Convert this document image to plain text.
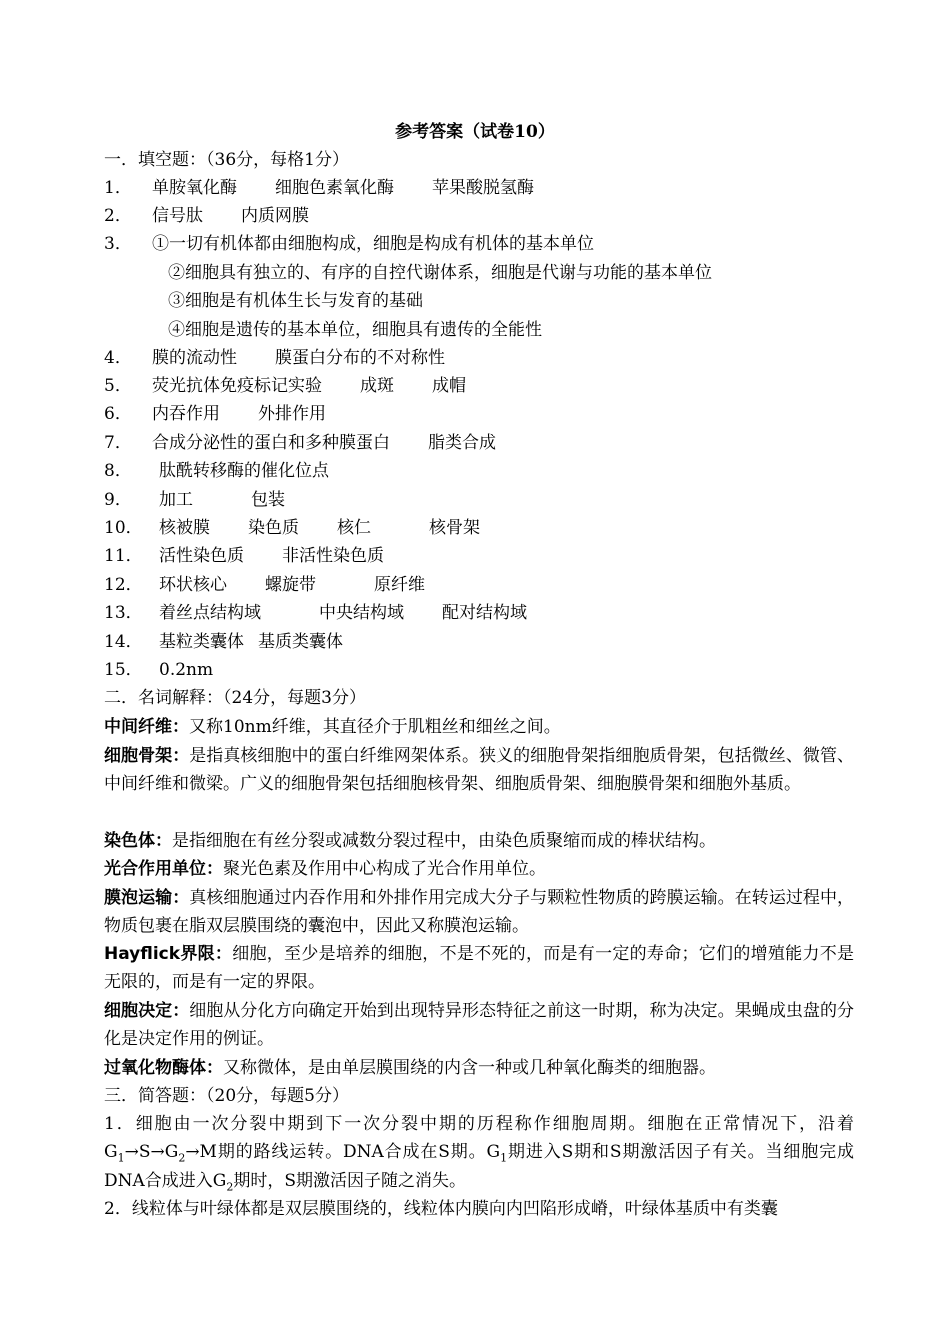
参考答案（试卷10）
一．填空题：（36分，每格1分）
1． 单胺氧化酶 细胞色素氧化酶 苹果酸脱氢酶
2． 信号肽 内质网膜
3． ①一切有机体都由细胞构成，细胞是构成有机体的基本单位
②细胞具有独立的、有序的自控代谢体系，细胞是代谢与功能的基本单位
③细胞是有机体生长与发育的基础
④细胞是遗传的基本单位，细胞具有遗传的全能性
4． 膜的流动性 膜蛋白分布的不对称性
5． 荧光抗体免疫标记实验 成斑 成帽
6． 内吞作用 外排作用
7． 合成分泌性的蛋白和多种膜蛋白 脂类合成
8． 肽酰转移酶的催化位点
9． 加工	包装
10． 核被膜 染色质 核仁	核骨架
11． 活性染色质 非活性染色质
12． 环状核心 螺旋带	原纤维
13． 着丝点结构域	中央结构域 配对结构域
14． 基粒类囊体 基质类囊体
15． 0.2nm
二．名词解释：（24分，每题3分）
中间纤维：又称10nm纤维，其直径介于肌粗丝和细丝之间。
细胞骨架：是指真核细胞中的蛋白纤维网架体系。狭义的细胞骨架指细胞质骨架，包括微丝、微管、中间纤维和微梁。广义的细胞骨架包括细胞核骨架、细胞质骨架、细胞膜骨架和细胞外基质。
染色体：是指细胞在有丝分裂或减数分裂过程中，由染色质聚缩而成的棒状结构。
光合作用单位：聚光色素及作用中心构成了光合作用单位。
膜泡运输：真核细胞通过内吞作用和外排作用完成大分子与颗粒性物质的跨膜运输。在转运过程中，物质包裹在脂双层膜围绕的囊泡中，因此又称膜泡运输。
Hayflick界限：细胞，至少是培养的细胞，不是不死的，而是有一定的寿命；它们的增殖能力不是无限的，而是有一定的界限。
细胞决定：细胞从分化方向确定开始到出现特异形态特征之前这一时期，称为决定。果蝇成虫盘的分化是决定作用的例证。
过氧化物酶体：又称微体，是由单层膜围绕的内含一种或几种氧化酶类的细胞器。
三．简答题：（20分，每题5分）
1．细胞由一次分裂中期到下一次分裂中期的历程称作细胞周期。细胞在正常情况下，沿着$G_1\to S\to G_2\to M$期的路线运转。DNA合成在S期。$G_1$期进入S期和S期激活因子有关。当细胞完成DNA合成进入$G_2$期时，S期激活因子随之消失。
2．线粒体与叶绿体都是双层膜围绕的，线粒体内膜向内凹陷形成嵴，叶绿体基质中有类囊
